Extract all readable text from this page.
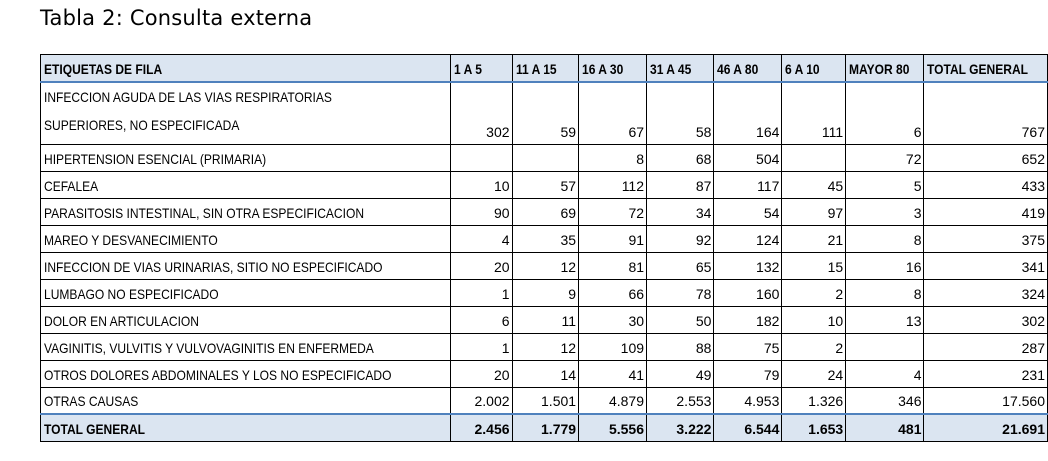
Tabla 2: Consulta externa
ETIQUETAS DE FILA	1 A 5	11 A 15	16 A 30	31 A 45	46 A 80	6 A 10	MAYOR 80	TOTAL GENERAL

INFECCION AGUDA DE LAS VIAS RESPIRATORIAS
SUPERIORES, NO ESPECIFICADA	302	59	67	58	164	111	6	767
HIPERTENSION ESENCIAL (PRIMARIA)			8	68	504		72	652
CEFALEA	10	57	112	87	117	45	5	433
PARASITOSIS INTESTINAL, SIN OTRA ESPECIFICACION	90	69	72	34	54	97	3	419
MAREO Y DESVANECIMIENTO	4	35	91	92	124	21	8	375
INFECCION DE VIAS URINARIAS, SITIO NO ESPECIFICADO	20	12	81	65	132	15	16	341
LUMBAGO NO ESPECIFICADO	1	9	66	78	160	2	8	324
DOLOR EN ARTICULACION	6	11	30	50	182	10	13	302
VAGINITIS, VULVITIS Y VULVOVAGINITIS EN ENFERMEDA	1	12	109	88	75	2		287
OTROS DOLORES ABDOMINALES Y LOS NO ESPECIFICADO	20	14	41	49	79	24	4	231
OTRAS CAUSAS	2.002	1.501	4.879	2.553	4.953	1.326	346	17.560
TOTAL GENERAL	2.456	1.779	5.556	3.222	6.544	1.653	481	21.691
